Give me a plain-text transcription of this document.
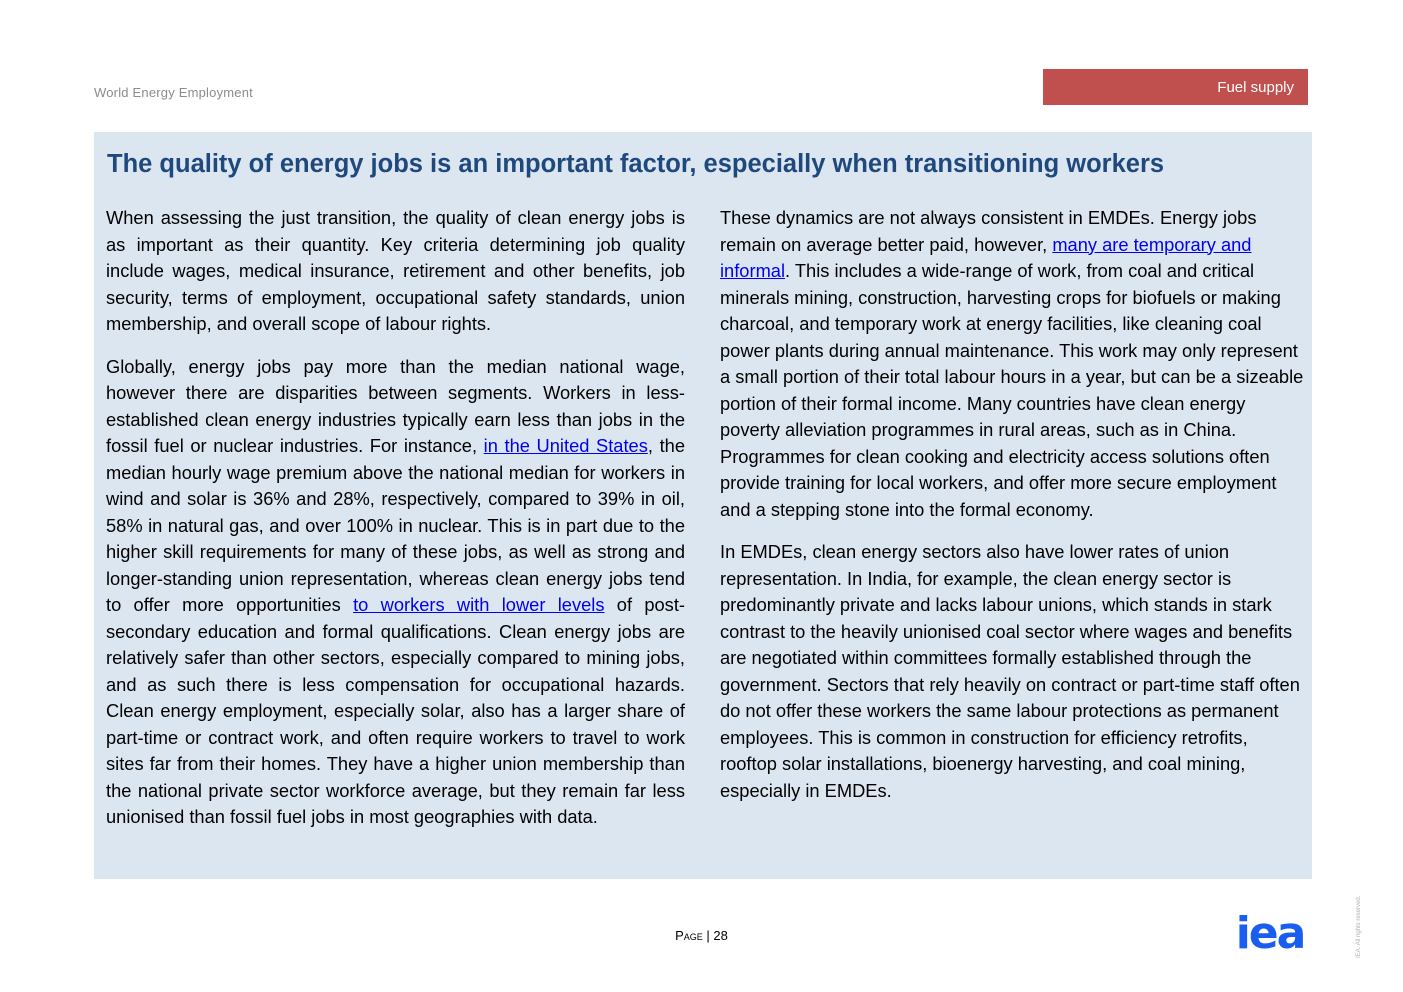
World Energy Employment	Fuel supply
The quality of energy jobs is an important factor, especially when transitioning workers

When assessing the just transition, the quality of clean energy jobs is as important as their quantity. Key criteria determining job quality include wages, medical insurance, retirement and other benefits, job security, terms of employment, occupational safety standards, union membership, and overall scope of labour rights.

Globally, energy jobs pay more than the median national wage, however there are disparities between segments. Workers in less-established clean energy industries typically earn less than jobs in the fossil fuel or nuclear industries. For instance, in the United States, the median hourly wage premium above the national median for workers in wind and solar is 36% and 28%, respectively, compared to 39% in oil, 58% in natural gas, and over 100% in nuclear. This is in part due to the higher skill requirements for many of these jobs, as well as strong and longer-standing union representation, whereas clean energy jobs tend to offer more opportunities to workers with lower levels of post-secondary education and formal qualifications. Clean energy jobs are relatively safer than other sectors, especially compared to mining jobs, and as such there is less compensation for occupational hazards. Clean energy employment, especially solar, also has a larger share of part-time or contract work, and often require workers to travel to work sites far from their homes. They have a higher union membership than the national private sector workforce average, but they remain far less unionised than fossil fuel jobs in most geographies with data.

These dynamics are not always consistent in EMDEs. Energy jobs remain on average better paid, however, many are temporary and informal. This includes a wide-range of work, from coal and critical minerals mining, construction, harvesting crops for biofuels or making charcoal, and temporary work at energy facilities, like cleaning coal power plants during annual maintenance. This work may only represent a small portion of their total labour hours in a year, but can be a sizeable portion of their formal income. Many countries have clean energy poverty alleviation programmes in rural areas, such as in China. Programmes for clean cooking and electricity access solutions often provide training for local workers, and offer more secure employment and a stepping stone into the formal economy.

In EMDEs, clean energy sectors also have lower rates of union representation. In India, for example, the clean energy sector is predominantly private and lacks labour unions, which stands in stark contrast to the heavily unionised coal sector where wages and benefits are negotiated within committees formally established through the government. Sectors that rely heavily on contract or part-time staff often do not offer these workers the same labour protections as permanent employees. This is common in construction for efficiency retrofits, rooftop solar installations, bioenergy harvesting, and coal mining, especially in EMDEs.

Page | 28	iea	IEA. All rights reserved.
